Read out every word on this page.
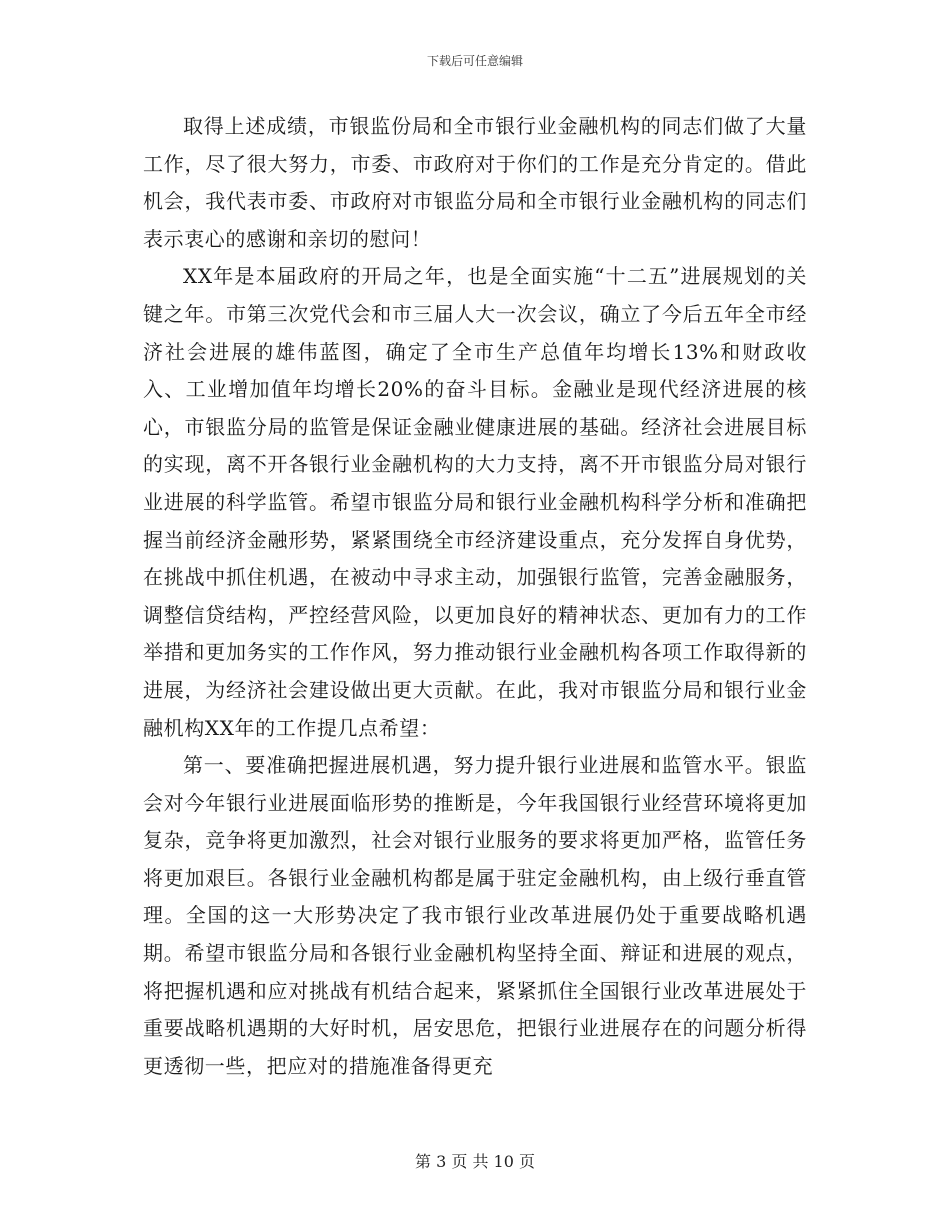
下载后可任意编辑

取得上述成绩，市银监份局和全市银行业金融机构的同志们做了大量工作，尽了很大努力，市委、市政府对于你们的工作是充分肯定的。借此机会，我代表市委、市政府对市银监分局和全市银行业金融机构的同志们表示衷心的感谢和亲切的慰问！

XX年是本届政府的开局之年，也是全面实施“十二五”进展规划的关键之年。市第三次党代会和市三届人大一次会议，确立了今后五年全市经济社会进展的雄伟蓝图，确定了全市生产总值年均增长13%和财政收入、工业增加值年均增长20%的奋斗目标。金融业是现代经济进展的核心，市银监分局的监管是保证金融业健康进展的基础。经济社会进展目标的实现，离不开各银行业金融机构的大力支持，离不开市银监分局对银行业进展的科学监管。希望市银监分局和银行业金融机构科学分析和准确把握当前经济金融形势，紧紧围绕全市经济建设重点，充分发挥自身优势，在挑战中抓住机遇，在被动中寻求主动，加强银行监管，完善金融服务，调整信贷结构，严控经营风险，以更加良好的精神状态、更加有力的工作举措和更加务实的工作作风，努力推动银行业金融机构各项工作取得新的进展，为经济社会建设做出更大贡献。在此，我对市银监分局和银行业金融机构XX年的工作提几点希望：

第一、要准确把握进展机遇，努力提升银行业进展和监管水平。银监会对今年银行业进展面临形势的推断是，今年我国银行业经营环境将更加复杂，竞争将更加激烈，社会对银行业服务的要求将更加严格，监管任务将更加艰巨。各银行业金融机构都是属于驻定金融机构，由上级行垂直管理。全国的这一大形势决定了我市银行业改革进展仍处于重要战略机遇期。希望市银监分局和各银行业金融机构坚持全面、辩证和进展的观点，将把握机遇和应对挑战有机结合起来，紧紧抓住全国银行业改革进展处于重要战略机遇期的大好时机，居安思危，把银行业进展存在的问题分析得更透彻一些，把应对的措施准备得更充

第 3 页 共 10 页
